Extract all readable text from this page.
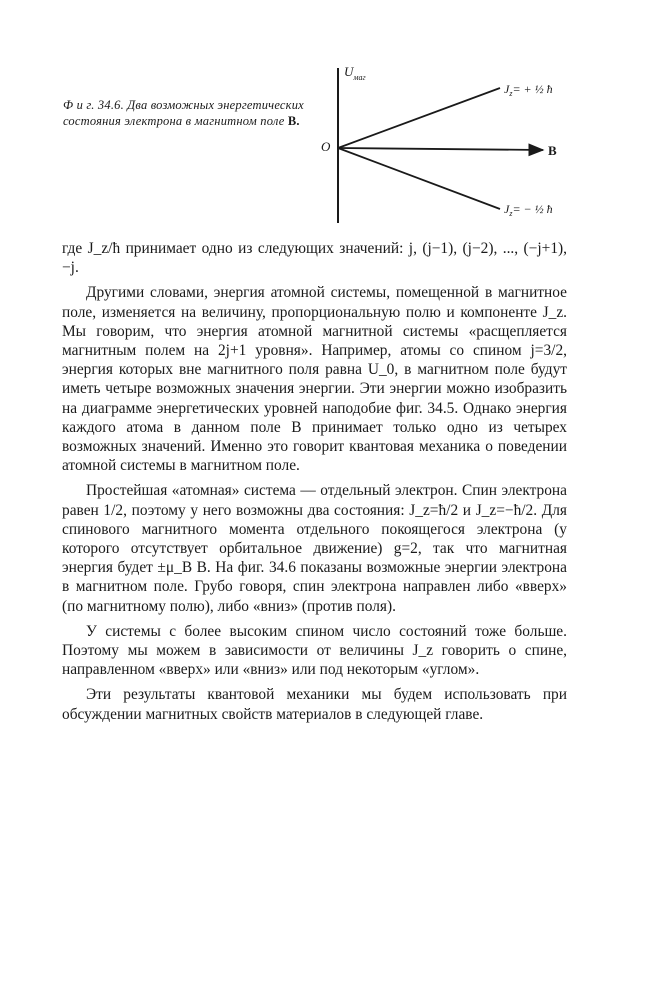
Ф и г. 34.6. Два возможных энергетических состояния электрона в магнитном поле B.
$U_{маг}$
O	B
$J_z=$ + ½ ħ
$J_z=$ − ½ ħ

где J_z/ħ принимает одно из следующих значений: j, (j−1), (j−2), ..., (−j+1), −j.

Другими словами, энергия атомной системы, помещенной в магнитное поле, изменяется на величину, пропорциональную полю и компоненте J_z. Мы говорим, что энергия атомной магнитной системы «расщепляется магнитным полем на 2j+1 уровня». Например, атомы со спином j=3/2, энергия которых вне магнитного поля равна U_0, в магнитном поле будут иметь четыре возможных значения энергии. Эти энергии можно изобразить на диаграмме энергетических уровней наподобие фиг. 34.5. Однако энергия каждого атома в данном поле B принимает только одно из четырех возможных значений. Именно это говорит квантовая механика о поведении атомной системы в магнитном поле.

Простейшая «атомная» система — отдельный электрон. Спин электрона равен 1/2, поэтому у него возможны два состояния: J_z=ħ/2 и J_z=−ħ/2. Для спинового магнитного момента отдельного покоящегося электрона (у которого отсутствует орбитальное движение) g=2, так что магнитная энергия будет ±μ_B B. На фиг. 34.6 показаны возможные энергии электрона в магнитном поле. Грубо говоря, спин электрона направлен либо «вверх» (по магнитному полю), либо «вниз» (против поля).

У системы с более высоким спином число состояний тоже больше. Поэтому мы можем в зависимости от величины J_z говорить о спине, направленном «вверх» или «вниз» или под некоторым «углом».

Эти результаты квантовой механики мы будем использовать при обсуждении магнитных свойств материалов в следующей главе.
